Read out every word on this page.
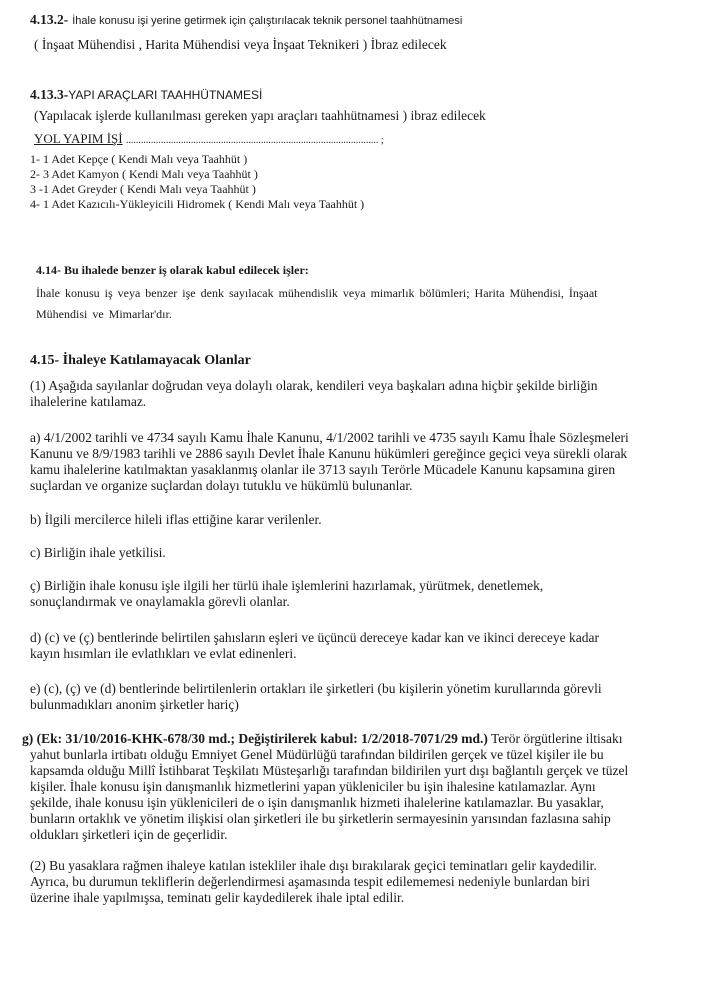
4.13.2- İhale konusu işi yerine getirmek için çalıştırılacak teknik personel taahhütnamesi
( İnşaat Mühendisi , Harita Mühendisi veya İnşaat Teknikeri ) İbraz edilecek
4.13.3-YAPI ARAÇLARI TAAHHÜTNAMESİ
(Yapılacak işlerde kullanılması gereken yapı araçları taahhütnamesi ) ibraz edilecek
YOL YAPIM İŞİ ..................................................................................................... ;
1- 1 Adet Kepçe ( Kendi Malı veya Taahhüt )
2- 3 Adet Kamyon ( Kendi Malı veya Taahhüt )
3 -1 Adet Greyder ( Kendi Malı veya Taahhüt )
4- 1 Adet Kazıcılı-Yükleyicili Hidromek ( Kendi Malı veya Taahhüt )
4.14- Bu ihalede benzer iş olarak kabul edilecek işler:
İhale konusu iş veya benzer işe denk sayılacak mühendislik veya mimarlık bölümleri; Harita Mühendisi, İnşaat
Mühendisi ve Mimarlar'dır.
4.15- İhaleye Katılamayacak Olanlar
(1) Aşağıda sayılanlar doğrudan veya dolaylı olarak, kendileri veya başkaları adına hiçbir şekilde birliğin
ihalelerine katılamaz.
a) 4/1/2002 tarihli ve 4734 sayılı Kamu İhale Kanunu, 4/1/2002 tarihli ve 4735 sayılı Kamu İhale Sözleşmeleri
Kanunu ve 8/9/1983 tarihli ve 2886 sayılı Devlet İhale Kanunu hükümleri gereğince geçici veya sürekli olarak
kamu ihalelerine katılmaktan yasaklanmış olanlar ile 3713 sayılı Terörle Mücadele Kanunu kapsamına giren
suçlardan ve organize suçlardan dolayı tutuklu ve hükümlü bulunanlar.
b) İlgili mercilerce hileli iflas ettiğine karar verilenler.
c) Birliğin ihale yetkilisi.
ç) Birliğin ihale konusu işle ilgili her türlü ihale işlemlerini hazırlamak, yürütmek, denetlemek,
sonuçlandırmak ve onaylamakla görevli olanlar.
d) (c) ve (ç) bentlerinde belirtilen şahısların eşleri ve üçüncü dereceye kadar kan ve ikinci dereceye kadar
kayın hısımları ile evlatlıkları ve evlat edinenleri.
e) (c), (ç) ve (d) bentlerinde belirtilenlerin ortakları ile şirketleri (bu kişilerin yönetim kurullarında görevli
bulunmadıkları anonim şirketler hariç)
g) (Ek: 31/10/2016-KHK-678/30 md.; Değiştirilerek kabul: 1/2/2018-7071/29 md.) Terör örgütlerine iltisakı
yahut bunlarla irtibatı olduğu Emniyet Genel Müdürlüğü tarafından bildirilen gerçek ve tüzel kişiler ile bu
kapsamda olduğu Millî İstihbarat Teşkilatı Müsteşarlığı tarafından bildirilen yurt dışı bağlantılı gerçek ve tüzel
kişiler. İhale konusu işin danışmanlık hizmetlerini yapan yükleniciler bu işin ihalesine katılamazlar. Aynı
şekilde, ihale konusu işin yüklenicileri de o işin danışmanlık hizmeti ihalelerine katılamazlar. Bu yasaklar,
bunların ortaklık ve yönetim ilişkisi olan şirketleri ile bu şirketlerin sermayesinin yarısından fazlasına sahip
oldukları şirketleri için de geçerlidir.
(2) Bu yasaklara rağmen ihaleye katılan istekliler ihale dışı bırakılarak geçici teminatları gelir kaydedilir.
Ayrıca, bu durumun tekliflerin değerlendirmesi aşamasında tespit edilememesi nedeniyle bunlardan biri
üzerine ihale yapılmışsa, teminatı gelir kaydedilerek ihale iptal edilir.
